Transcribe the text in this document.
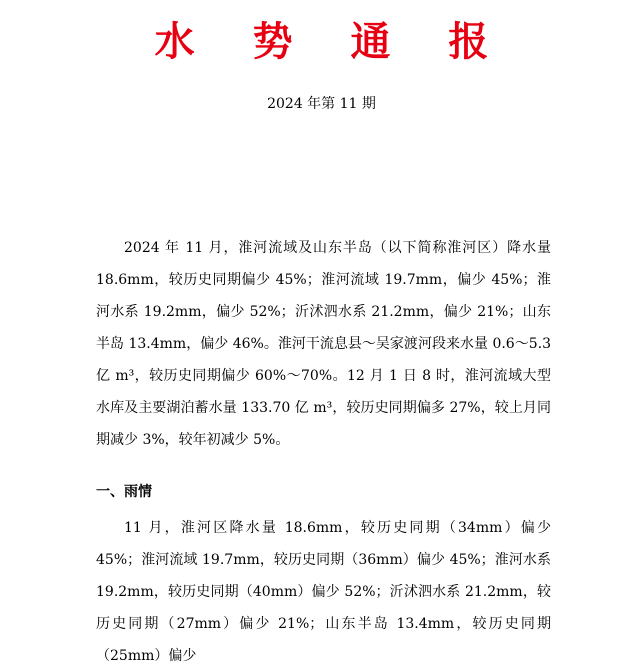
水 势 通 报
2024 年第 11 期

2024 年 11 月，淮河流域及山东半岛（以下简称淮河区）降水量 18.6mm，较历史同期偏少 45%；淮河流域 19.7mm，偏少 45%；淮河水系 19.2mm，偏少 52%；沂沭泗水系 21.2mm，偏少 21%；山东半岛 13.4mm，偏少 46%。淮河干流息县～吴家渡河段来水量 0.6～5.3 亿 m³，较历史同期偏少 60%～70%。12 月 1 日 8 时，淮河流域大型水库及主要湖泊蓄水量 133.70 亿 m³，较历史同期偏多 27%，较上月同期减少 3%，较年初减少 5%。

一、雨情

11 月，淮河区降水量 18.6mm，较历史同期（34mm）偏少 45%；淮河流域 19.7mm，较历史同期（36mm）偏少 45%；淮河水系 19.2mm，较历史同期（40mm）偏少 52%；沂沭泗水系 21.2mm，较历史同期（27mm）偏少 21%；山东半岛 13.4mm，较历史同期（25mm）偏少
